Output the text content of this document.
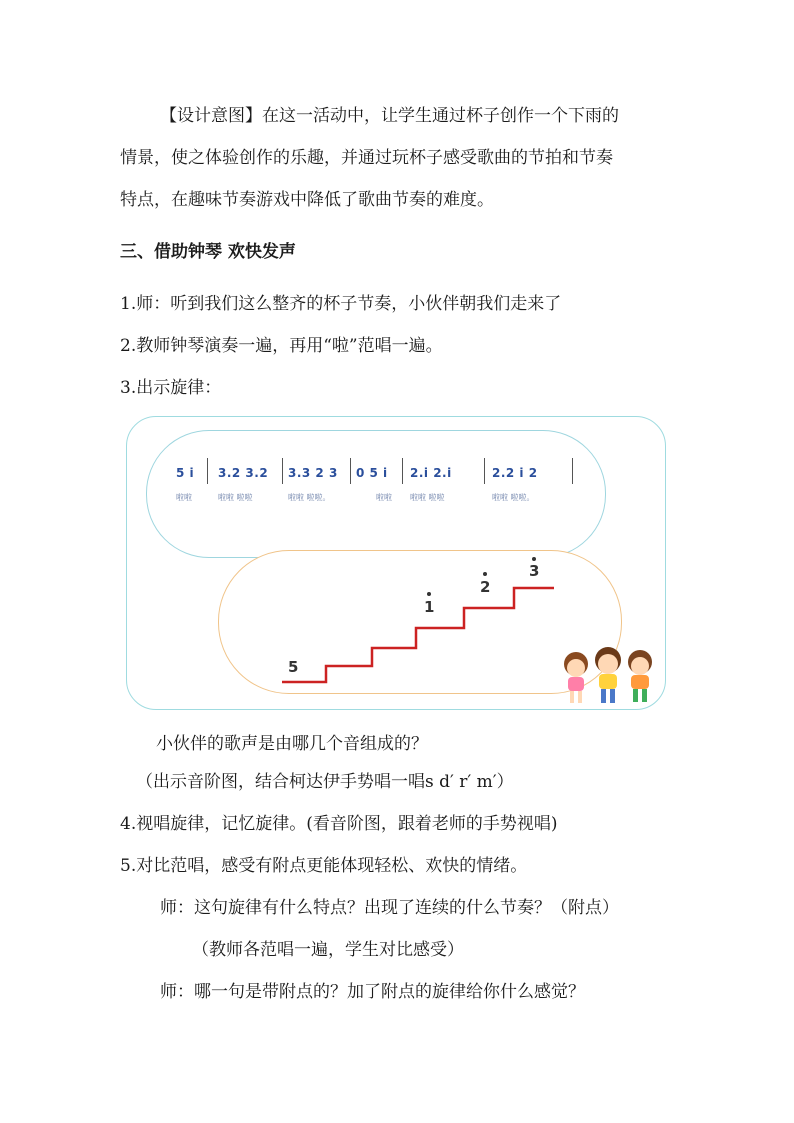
【设计意图】在这一活动中，让学生通过杯子创作一个下雨的
情景，使之体验创作的乐趣，并通过玩杯子感受歌曲的节拍和节奏
特点，在趣味节奏游戏中降低了歌曲节奏的难度。
三、借助钟琴 欢快发声
1.师：听到我们这么整齐的杯子节奏，小伙伴朝我们走来了
2.教师钟琴演奏一遍，再用“啦”范唱一遍。
3.出示旋律：
5 i
啦啦
3.2 3.2
啦啦 啦啦
3.3 2 3
啦啦 啦啦。
0 5 i
啦啦
2.i 2.i
啦啦 啦啦
2.2 i 2
啦啦 啦啦。
5
1
2
3
小伙伴的歌声是由哪几个音组成的？
（出示音阶图，结合柯达伊手势唱一唱s d′ r′ m′）
4.视唱旋律，记忆旋律。(看音阶图，跟着老师的手势视唱)
5.对比范唱，感受有附点更能体现轻松、欢快的情绪。
师：这句旋律有什么特点？出现了连续的什么节奏？（附点）
（教师各范唱一遍，学生对比感受）
师：哪一句是带附点的？加了附点的旋律给你什么感觉？
